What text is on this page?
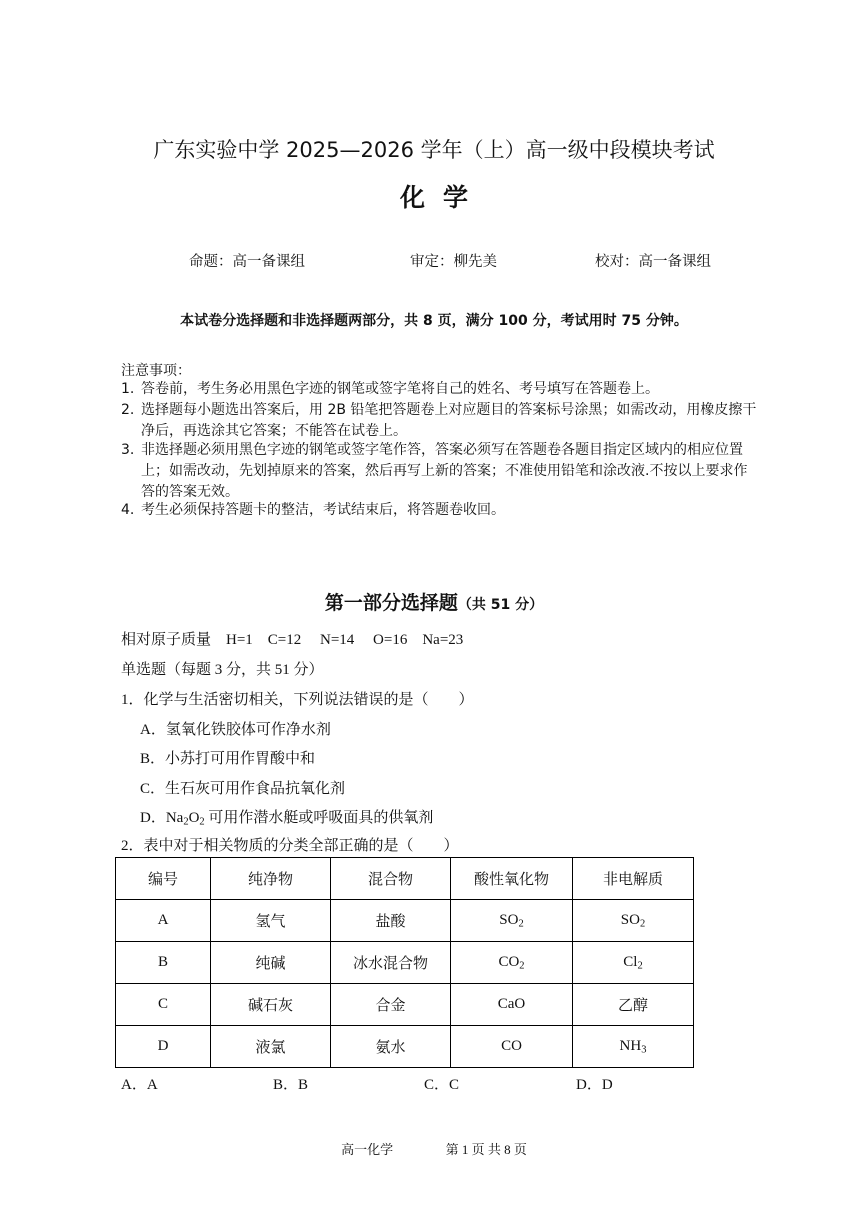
广东实验中学 2025—2026 学年（上）高一级中段模块考试
化学
命题：高一备课组	审定：柳先美	校对：高一备课组
本试卷分选择题和非选择题两部分，共 8 页，满分 100 分，考试用时 75 分钟。
注意事项：
1. 答卷前，考生务必用黑色字迹的钢笔或签字笔将自己的姓名、考号填写在答题卷上。
2. 选择题每小题选出答案后，用 2B 铅笔把答题卷上对应题目的答案标号涂黑；如需改动，用橡皮擦干净后，再选涂其它答案；不能答在试卷上。
3. 非选择题必须用黑色字迹的钢笔或签字笔作答，答案必须写在答题卷各题目指定区域内的相应位置上；如需改动，先划掉原来的答案，然后再写上新的答案；不准使用铅笔和涂改液.不按以上要求作答的答案无效。
4. 考生必须保持答题卡的整洁，考试结束后，将答题卷收回。
第一部分选择题（共 51 分）
相对原子质量　H=1　C=12　 N=14　 O=16　Na=23
单选题（每题 3 分，共 51 分）
1．化学与生活密切相关，下列说法错误的是（　　）
A．氢氧化铁胶体可作净水剂
B．小苏打可用作胃酸中和
C．生石灰可用作食品抗氧化剂
D．$Na_2O_2$ 可用作潜水艇或呼吸面具的供氧剂
2．表中对于相关物质的分类全部正确的是（　　）
编号	纯净物	混合物	酸性氧化物	非电解质
A	氢气	盐酸	$SO_2$	$SO_2$
B	纯碱	冰水混合物	$CO_2$	$Cl_2$
C	碱石灰	合金	CaO	乙醇
D	液氯	氨水	CO	$NH_3$
A．A	B．B	C．C	D．D
高一化学	第 1 页 共 8 页
